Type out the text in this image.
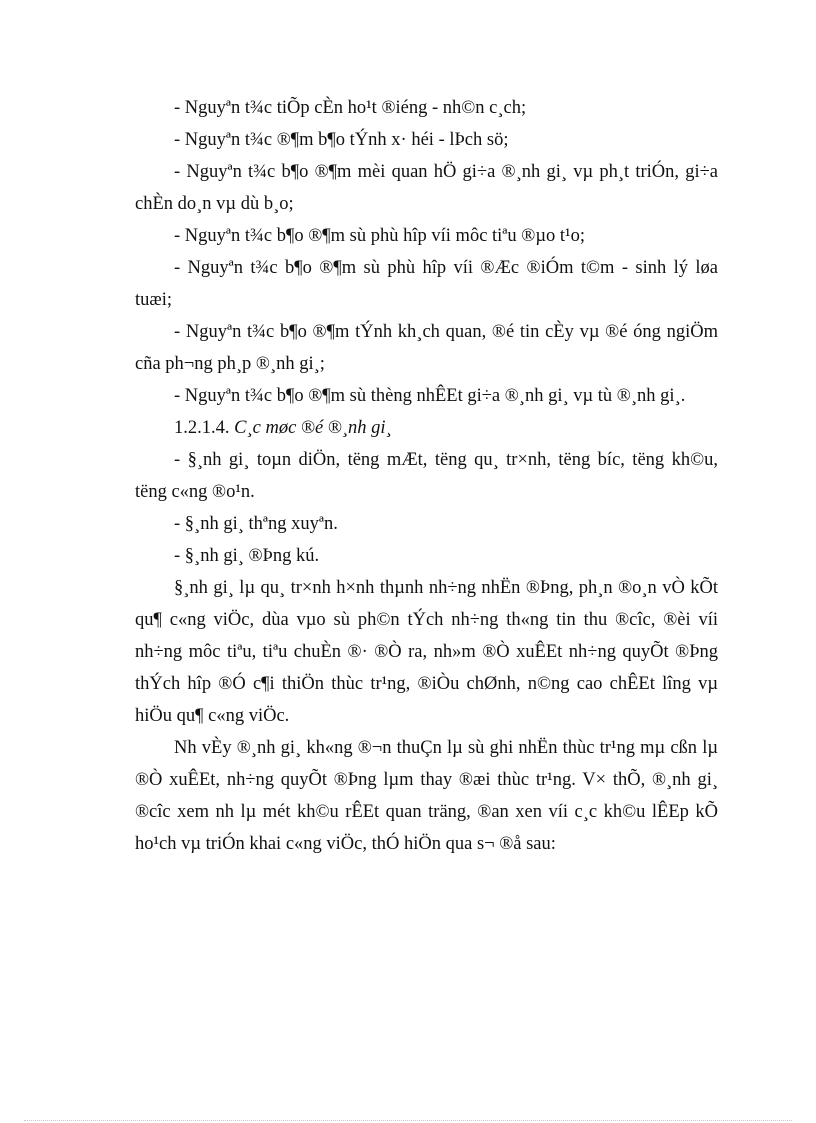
- Nguyªn t¾c tiÕp cÈn ho¹t ®iéng - nh©n c¸ch;

- Nguyªn t¾c ®¶m b¶o tÝnh x· héi - lÞch sö;

- Nguyªn t¾c b¶o ®¶m mèi quan hÖ gi÷a ®¸nh gi¸ vµ ph¸t triÓn, gi÷a chÈn do¸n vµ dù b¸o;

- Nguyªn t¾c b¶o ®¶m sù phù hîp víi môc tiªu ®µo t¹o;

- Nguyªn t¾c b¶o ®¶m sù phù hîp víi ®Æc ®iÓm t©m - sinh lý løa tuæi;

- Nguyªn t¾c b¶o ®¶m tÝnh kh¸ch quan, ®é tin cÈy vµ ®é óng ngiÖm cña ph¬ng ph¸p ®¸nh gi¸;

- Nguyªn t¾c b¶o ®¶m sù thèng nhÊEt gi÷a ®¸nh gi¸ vµ tù ®¸nh gi¸.

1.2.1.4. C¸c møc ®é ®¸nh gi¸

- §¸nh gi¸ toµn diÖn, tëng mÆt, tëng qu¸ tr×nh, tëng bíc, tëng kh©u, tëng c«ng ®o¹n.

- §¸nh gi¸ thªng xuyªn.

- §¸nh gi¸ ®Þng kú.

§¸nh gi¸ lµ qu¸ tr×nh h×nh thµnh nh÷ng nhËn ®Þng, ph¸n ®o¸n vÒ kÕt qu¶ c«ng viÖc, dùa vµo sù ph©n tÝch nh÷ng th«ng tin thu ®cîc, ®èi víi nh÷ng môc tiªu, tiªu chuÈn ®· ®Ò ra, nh»m ®Ò xuÊEt nh÷ng quyÕt ®Þng thÝch hîp ®Ó c¶i thiÖn thùc tr¹ng, ®iÒu chØnh, n©ng cao chÊEt lîng vµ hiÖu qu¶ c«ng viÖc.

Nh vÈy ®¸nh gi¸ kh«ng ®¬n thuÇn lµ sù ghi nhËn thùc tr¹ng mµ cßn lµ ®Ò xuÊEt, nh÷ng quyÕt ®Þng lµm thay ®æi thùc tr¹ng. V× thÕ, ®¸nh gi¸ ®cîc xem nh lµ mét kh©u rÊEt quan träng, ®an xen víi c¸c kh©u lÊEp kÕ ho¹ch vµ triÓn khai c«ng viÖc, thÓ hiÖn qua s¬ ®å sau:
